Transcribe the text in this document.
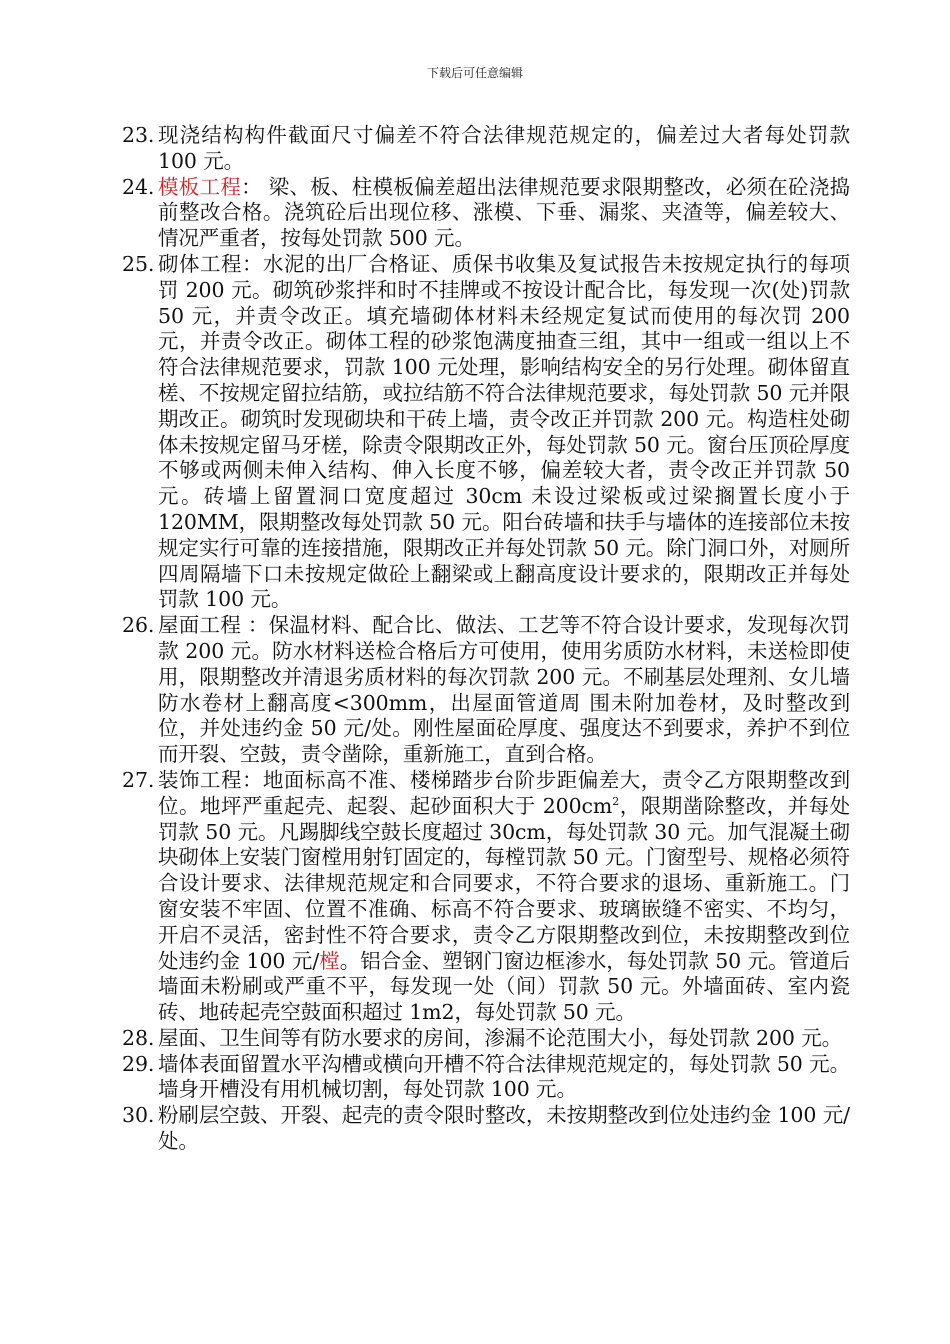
下载后可任意编辑

23. 现浇结构构件截面尺寸偏差不符合法律规范规定的，偏差过大者每处罚款 100 元。

24. 模板工程： 梁、板、柱模板偏差超出法律规范要求限期整改，必须在砼浇捣前整改合格。浇筑砼后出现位移、涨模、下垂、漏浆、夹渣等，偏差较大、情况严重者，按每处罚款 500 元。

25. 砌体工程：水泥的出厂合格证、质保书收集及复试报告未按规定执行的每项罚 200 元。砌筑砂浆拌和时不挂牌或不按设计配合比，每发现一次(处)罚款 50 元，并责令改正。填充墙砌体材料未经规定复试而使用的每次罚 200 元，并责令改正。砌体工程的砂浆饱满度抽查三组，其中一组或一组以上不符合法律规范要求，罚款 100 元处理，影响结构安全的另行处理。砌体留直槎、不按规定留拉结筋，或拉结筋不符合法律规范要求，每处罚款 50 元并限期改正。砌筑时发现砌块和干砖上墙，责令改正并罚款 200 元。构造柱处砌体未按规定留马牙槎，除责令限期改正外，每处罚款 50 元。窗台压顶砼厚度不够或两侧未伸入结构、伸入长度不够，偏差较大者，责令改正并罚款 50 元。砖墙上留置洞口宽度超过 30cm 未设过梁板或过梁搁置长度小于 120MM，限期整改每处罚款 50 元。阳台砖墙和扶手与墙体的连接部位未按规定实行可靠的连接措施，限期改正并每处罚款 50 元。除门洞口外，对厕所四周隔墙下口未按规定做砼上翻梁或上翻高度设计要求的，限期改正并每处罚款 100 元。

26. 屋面工程 ：保温材料、配合比、做法、工艺等不符合设计要求，发现每次罚款 200 元。防水材料送检合格后方可使用，使用劣质防水材料，未送检即使用，限期整改并清退劣质材料的每次罚款 200 元。不刷基层处理剂、女儿墙防水卷材上翻高度<300mm，出屋面管道周 围未附加卷材，及时整改到位，并处违约金 50 元/处。刚性屋面砼厚度、强度达不到要求，养护不到位而开裂、空鼓，责令凿除，重新施工，直到合格。

27. 装饰工程：地面标高不准、楼梯踏步台阶步距偏差大，责令乙方限期整改到位。地坪严重起壳、起裂、起砂面积大于 $200cm^2$，限期凿除整改，并每处罚款 50 元。凡踢脚线空鼓长度超过 30cm，每处罚款 30 元。加气混凝土砌块砌体上安装门窗樘用射钉固定的，每樘罚款 50 元。门窗型号、规格必须符合设计要求、法律规范规定和合同要求，不符合要求的退场、重新施工。门窗安装不牢固、位置不准确、标高不符合要求、玻璃嵌缝不密实、不均匀，开启不灵活，密封性不符合要求，责令乙方限期整改到位，未按期整改到位处违约金 100 元/樘。铝合金、塑钢门窗边框渗水，每处罚款 50 元。管道后墙面未粉刷或严重不平，每发现一处（间）罚款 50 元。外墙面砖、室内瓷砖、地砖起壳空鼓面积超过 1m2，每处罚款 50 元。

28. 屋面、卫生间等有防水要求的房间，渗漏不论范围大小，每处罚款 200 元。

29. 墙体表面留置水平沟槽或横向开槽不符合法律规范规定的，每处罚款 50 元。墙身开槽没有用机械切割，每处罚款 100 元。

30. 粉刷层空鼓、开裂、起壳的责令限时整改，未按期整改到位处违约金 100 元/处。
